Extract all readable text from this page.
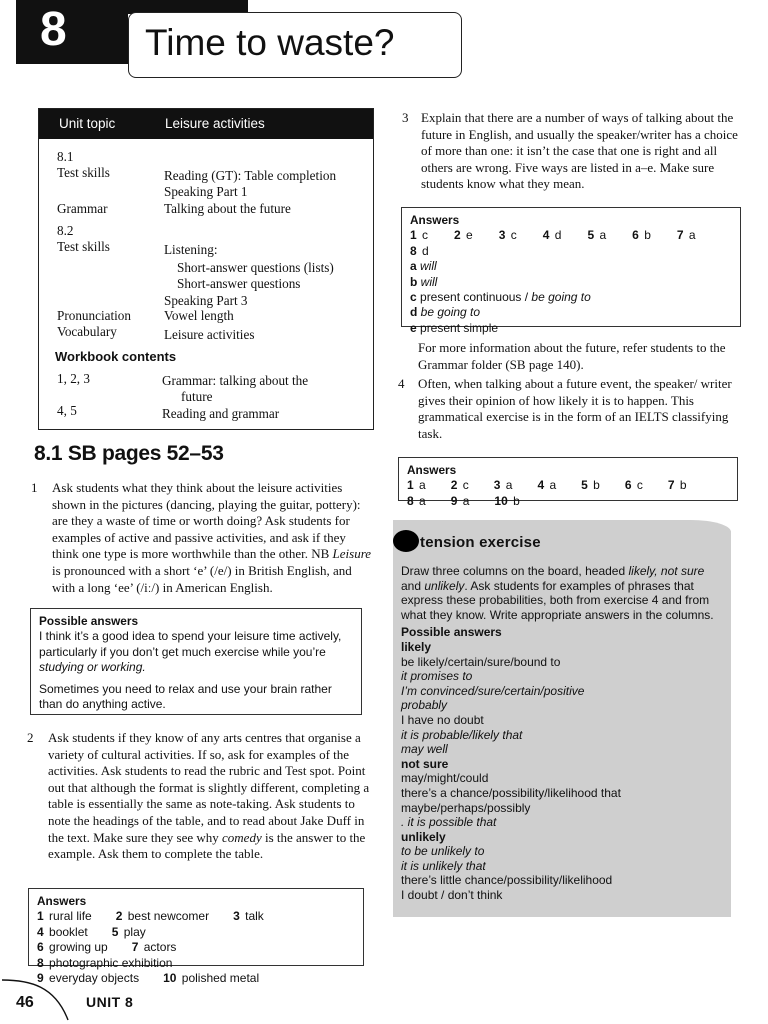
8	Time to waste?
Unit topic	Leisure activities
8.1
Test skills	Reading (GT): Table completion
Speaking Part 1
Grammar	Talking about the future
8.2
Test skills	Listening:
Short-answer questions (lists)
Short-answer questions
Speaking Part 3
Pronunciation	Vowel length
Vocabulary	Leisure activities
Workbook contents
1, 2, 3	Grammar: talking about the
future
4, 5	Reading and grammar
8.1 SB pages 52–53
1 Ask students what they think about the leisure activities shown in the pictures (dancing, playing the guitar, pottery): are they a waste of time or worth doing? Ask students for examples of active and passive activities, and ask if they think one type is more worthwhile than the other. NB Leisure is pronounced with a short ‘e’ (/e/) in British English, and with a long ‘ee’ (/iː/) in American English.

Possible answers

I think it’s a good idea to spend your leisure time actively, particularly if you don’t get much exercise while you’re studying or working.

Sometimes you need to relax and use your brain rather than do anything active.

2 Ask students if they know of any arts centres that organise a variety of cultural activities. If so, ask for examples of the activities. Ask students to read the rubric and Test spot. Point out that although the format is slightly different, completing a table is essentially the same as note-taking. Ask students to note the headings of the table, and to read about Jake Duff in the text. Make sure they see why comedy is the answer to the example. Ask them to complete the table.

Answers

1 rural life	2 best newcomer	3 talk
4 booklet	5 play
6 growing up	7 actors
8 photographic exhibition
9 everyday objects	10 polished metal
3 Explain that there are a number of ways of talking about the future in English, and usually the speaker/writer has a choice of more than one: it isn’t the case that one is right and all others are wrong. Five ways are listed in a–e. Make sure students know what they mean.

Answers

1 c	2 e	3 c	4 d	5 a	6 b	7 a
8 d

a will

b will

c present continuous / be going to

d be going to

e present simple

For more information about the future, refer students to the Grammar folder (SB page 140).
4 Often, when talking about a future event, the speaker/ writer gives their opinion of how likely it is to happen. This grammatical exercise is in the form of an IELTS classifying task.

Answers

1 a	2 c	3 a	4 a	5 b	6 c	7 b
8 a	9 a	10 b
tension exercise

Draw three columns on the board, headed likely, not sure and unlikely. Ask students for examples of phrases that express these probabilities, both from exercise 4 and from what they know. Write appropriate answers in the columns.

Possible answers

likely

be likely/certain/sure/bound to

it promises to

I’m convinced/sure/certain/positive

probably

I have no doubt

it is probable/likely that

may well

not sure

may/might/could

there’s a chance/possibility/likelihood that

maybe/perhaps/possibly

. it is possible that

unlikely

to be unlikely to

it is unlikely that

there’s little chance/possibility/likelihood

I doubt / don’t think

46	UNIT 8
